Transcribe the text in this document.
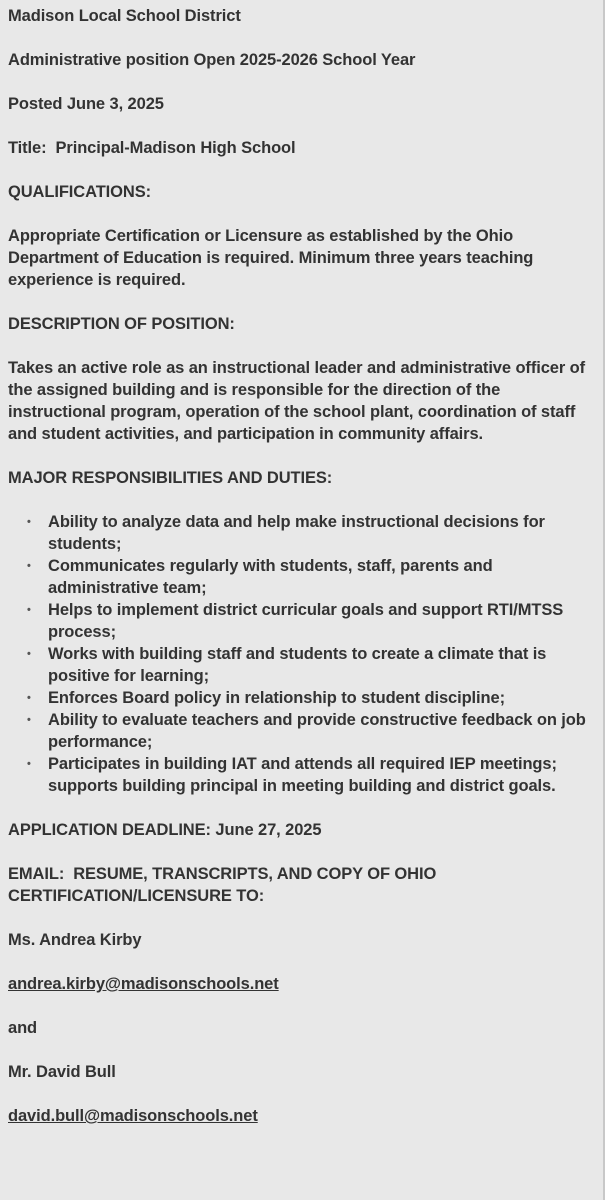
Madison Local School District

Administrative position Open 2025-2026 School Year

Posted June 3, 2025

Title:  Principal-Madison High School

QUALIFICATIONS:

Appropriate Certification or Licensure as established by the Ohio Department of Education is required. Minimum three years teaching experience is required.

DESCRIPTION OF POSITION:

Takes an active role as an instructional leader and administrative officer of the assigned building and is responsible for the direction of the instructional program, operation of the school plant, coordination of staff and student activities, and participation in community affairs.

MAJOR RESPONSIBILITIES AND DUTIES:

• Ability to analyze data and help make instructional decisions for students;
• Communicates regularly with students, staff, parents and administrative team;
• Helps to implement district curricular goals and support RTI/MTSS process;
• Works with building staff and students to create a climate that is positive for learning;
• Enforces Board policy in relationship to student discipline;
• Ability to evaluate teachers and provide constructive feedback on job performance;
• Participates in building IAT and attends all required IEP meetings; supports building principal in meeting building and district goals.

APPLICATION DEADLINE: June 27, 2025

EMAIL:  RESUME, TRANSCRIPTS, AND COPY OF OHIO CERTIFICATION/LICENSURE TO:

Ms. Andrea Kirby

andrea.kirby@madisonschools.net

and

Mr. David Bull

david.bull@madisonschools.net
